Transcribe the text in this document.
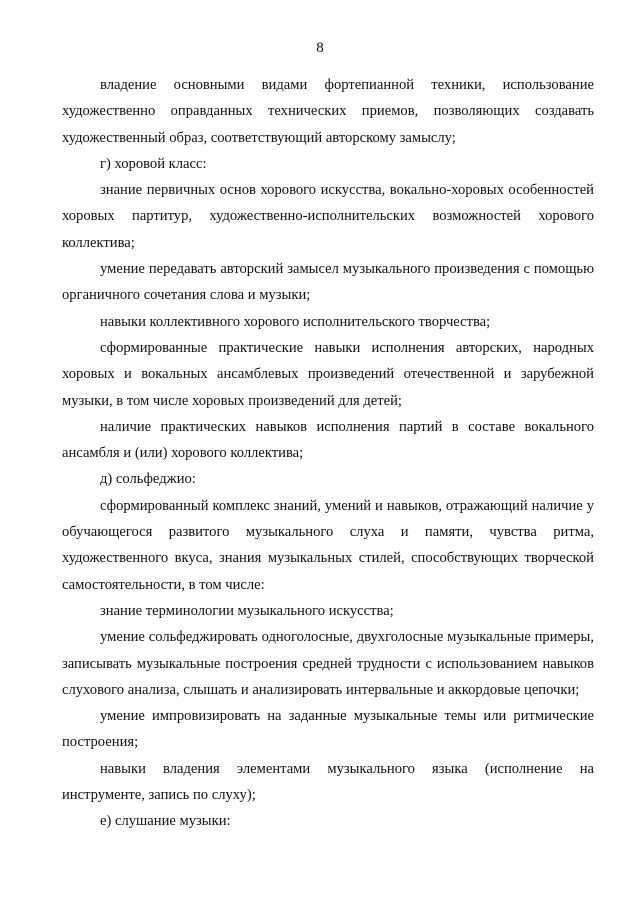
8

владение основными видами фортепианной техники, использование художественно оправданных технических приемов, позволяющих создавать художественный образ, соответствующий авторскому замыслу;

г) хоровой класс:

знание первичных основ хорового искусства, вокально-хоровых особенностей хоровых партитур, художественно-исполнительских возможностей хорового коллектива;

умение передавать авторский замысел музыкального произведения с помощью органичного сочетания слова и музыки;

навыки коллективного хорового исполнительского творчества;

сформированные практические навыки исполнения авторских, народных хоровых и вокальных ансамблевых произведений отечественной и зарубежной музыки, в том числе хоровых произведений для детей;

наличие практических навыков исполнения партий в составе вокального ансамбля и (или) хорового коллектива;

д) сольфеджио:

сформированный комплекс знаний, умений и навыков, отражающий наличие у обучающегося развитого музыкального слуха и памяти, чувства ритма, художественного вкуса, знания музыкальных стилей, способствующих творческой самостоятельности, в том числе:

знание терминологии музыкального искусства;

умение сольфеджировать одноголосные, двухголосные музыкальные примеры, записывать музыкальные построения средней трудности с использованием навыков слухового анализа, слышать и анализировать интервальные и аккордовые цепочки;

умение импровизировать на заданные музыкальные темы или ритмические построения;

навыки владения элементами музыкального языка (исполнение на инструменте, запись по слуху);

е) слушание музыки:
